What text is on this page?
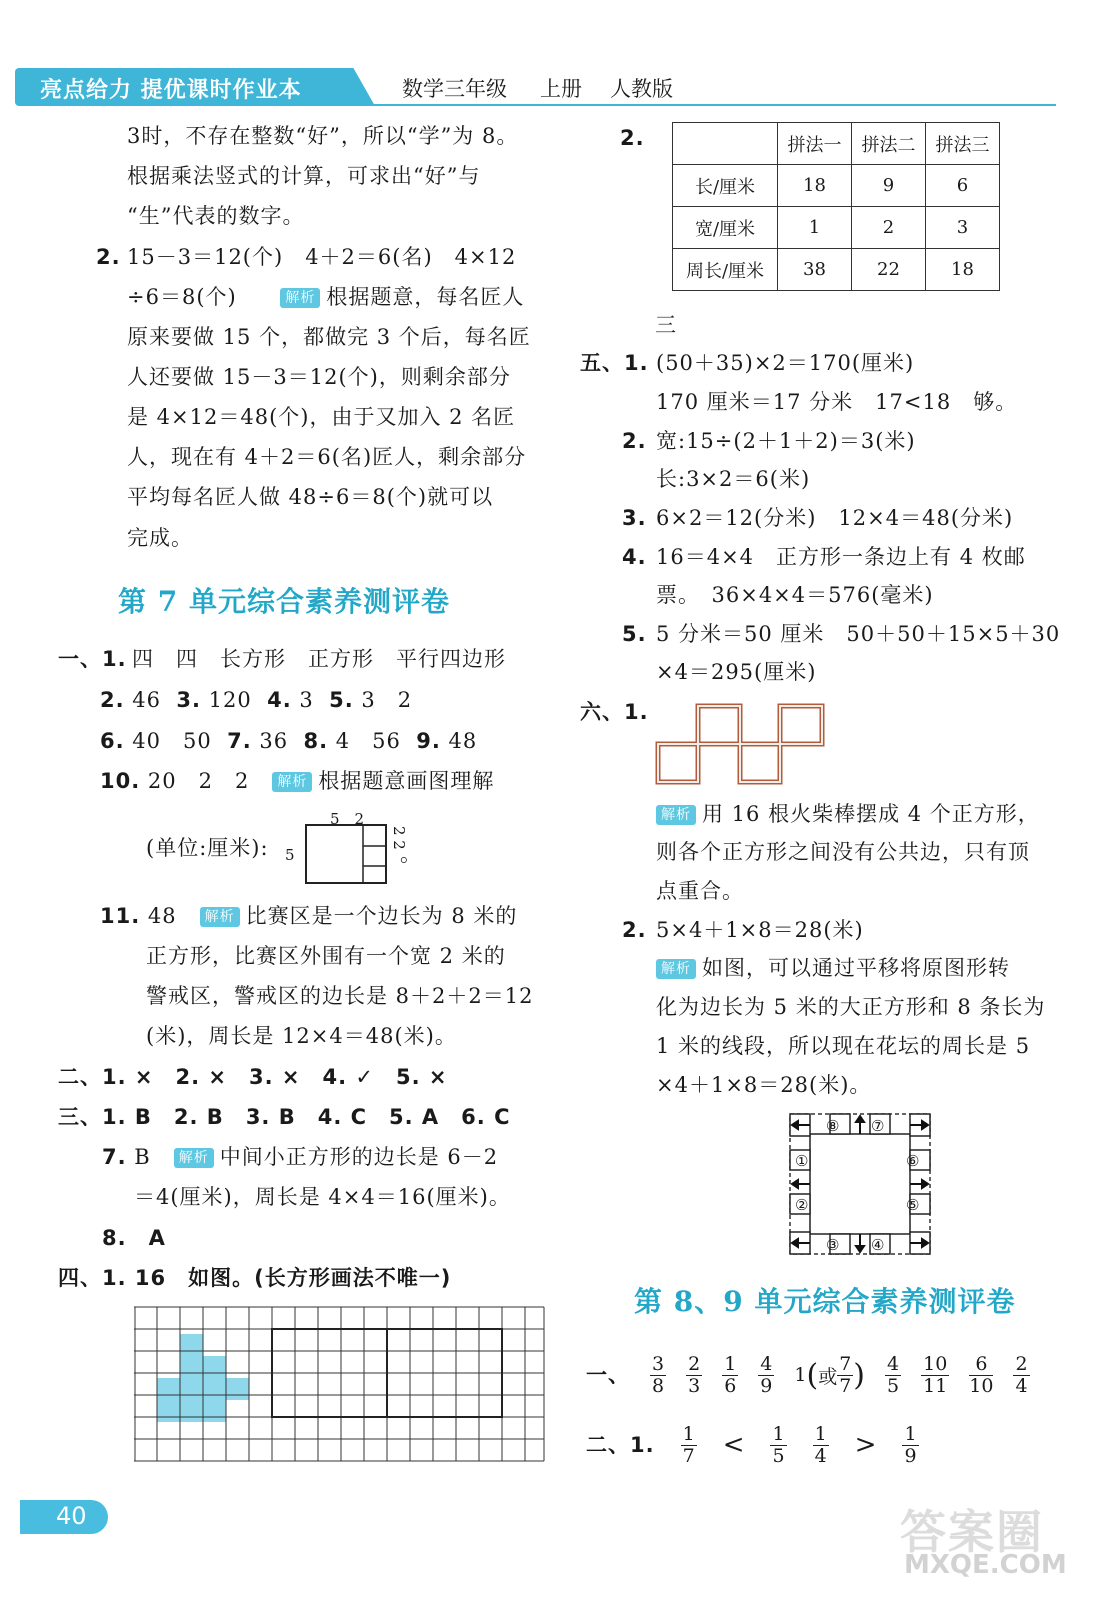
亮点给力 提优课时作业本	数学三年级 上册 人教版
3时，不存在整数“好”，所以“学”为 8。
根据乘法竖式的计算，可求出“好”与
“生”代表的数字。
2. 15－3＝12(个)　4＋2＝6(名)　4×12
÷6＝8(个)	解析 根据题意，每名匠人
原来要做 15 个，都做完 3 个后，每名匠
人还要做 15－3＝12(个)，则剩余部分
是 4×12＝48(个)，由于又加入 2 名匠
人，现在有 4＋2＝6(名)匠人，剩余部分
平均每名匠人做 48÷6＝8(个)就可以
完成。
第 7 单元综合素养测评卷
一、1. 四　四　长方形　正方形　平行四边形
2. 46 3. 120 4. 3 5. 3　2
6. 40　50 7. 36 8. 4　56 9. 48
10. 20　2　2 解析 根据题意画图理解
(单位:厘米):
5　2
5
2 2
。
11. 48 解析 比赛区是一个边长为 8 米的
正方形，比赛区外围有一个宽 2 米的
警戒区，警戒区的边长是 8＋2＋2＝12
(米)，周长是 12×4＝48(米)。
二、1. ×　2. ×　3. ×　4. ✓　5. ×
三、1. B　2. B　3. B　4. C　5. A　6. C
7. B 解析 中间小正方形的边长是 6－2
＝4(厘米)，周长是 4×4＝16(厘米)。
8.　A
四、1. 16　如图。(长方形画法不唯一)
40
2.
		拼法一	拼法二	拼法三
长/厘米	18	9	6
宽/厘米	1	2	3
周长/厘米	38	22	18
三
五、1. (50＋35)×2＝170(厘米)
170 厘米＝17 分米　17<18　够。
2. 宽:15÷(2＋1＋2)＝3(米)
长:3×2＝6(米)
3. 6×2＝12(分米)　12×4＝48(分米)
4. 16＝4×4　正方形一条边上有 4 枚邮
票。　36×4×4＝576(毫米)
5. 5 分米＝50 厘米　50＋50＋15×5＋30
×4＝295(厘米)
六、1.
解析 用 16 根火柴棒摆成 4 个正方形，
则各个正方形之间没有公共边，只有顶
点重合。
2. 5×4＋1×8＝28(米)
解析 如图，可以通过平移将原图形转
化为边长为 5 米的大正方形和 8 条长为
1 米的线段，所以现在花坛的周长是 5
×4＋1×8＝28(米)。
⑧ ⑦
①	⑥
②	⑤
③ ④
第 8、9 单元综合素养测评卷
一、 $\frac{3}{8} \frac{2}{3} \frac{1}{6} \frac{4}{9} 1$ ( 或 $\frac{7}{7}$ ) $\frac{4}{5} \frac{10}{11} \frac{6}{10} \frac{2}{4}$
二、1. $\frac{1}{7} < \frac{1}{5} \frac{1}{4} > \frac{1}{9}$
答案圈
MXQE.COM
